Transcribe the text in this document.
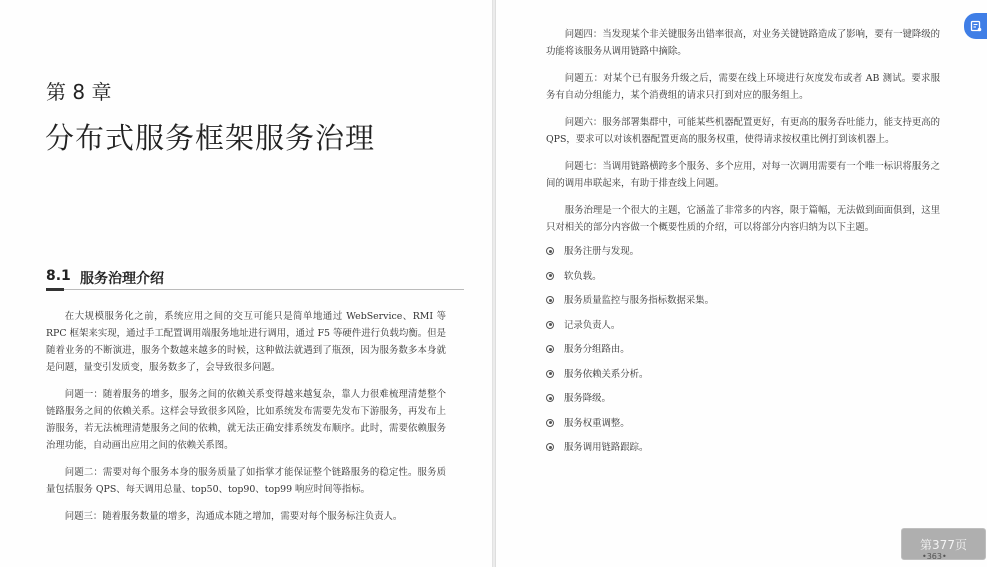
第 8 章
分布式服务框架服务治理
8.1 服务治理介绍

在大规模服务化之前，系统应用之间的交互可能只是简单地通过 WebService、RMI 等 RPC 框架来实现，通过手工配置调用端服务地址进行调用，通过 F5 等硬件进行负载均衡。但是随着业务的不断演进，服务个数越来越多的时候，这种做法就遇到了瓶颈，因为服务数多本身就是问题，量变引发质变，服务数多了，会导致很多问题。

问题一：随着服务的增多，服务之间的依赖关系变得越来越复杂，靠人力很难梳理清楚整个链路服务之间的依赖关系。这样会导致很多风险，比如系统发布需要先发布下游服务，再发布上游服务，若无法梳理清楚服务之间的依赖，就无法正确安排系统发布顺序。此时，需要依赖服务治理功能，自动画出应用之间的依赖关系图。

问题二：需要对每个服务本身的服务质量了如指掌才能保证整个链路服务的稳定性。服务质量包括服务 QPS、每天调用总量、top50、top90、top99 响应时间等指标。

问题三：随着服务数量的增多，沟通成本随之增加，需要对每个服务标注负责人。

问题四：当发现某个非关键服务出错率很高，对业务关键链路造成了影响，要有一键降级的功能将该服务从调用链路中摘除。

问题五：对某个已有服务升级之后，需要在线上环境进行灰度发布或者 AB 测试。要求服务有自动分组能力，某个消费组的请求只打到对应的服务组上。

问题六：服务部署集群中，可能某些机器配置更好，有更高的服务吞吐能力，能支持更高的 QPS，要求可以对该机器配置更高的服务权重，使得请求按权重比例打到该机器上。

问题七：当调用链路横跨多个服务、多个应用，对每一次调用需要有一个唯一标识将服务之间的调用串联起来，有助于排查线上问题。

服务治理是一个很大的主题，它涵盖了非常多的内容，限于篇幅，无法做到面面俱到，这里只对相关的部分内容做一个概要性质的介绍，可以将部分内容归纳为以下主题。

服务注册与发现。
软负载。
服务质量监控与服务指标数据采集。
记录负责人。
服务分组路由。
服务依赖关系分析。
服务降级。
服务权重调整。
服务调用链路跟踪。
第377页
